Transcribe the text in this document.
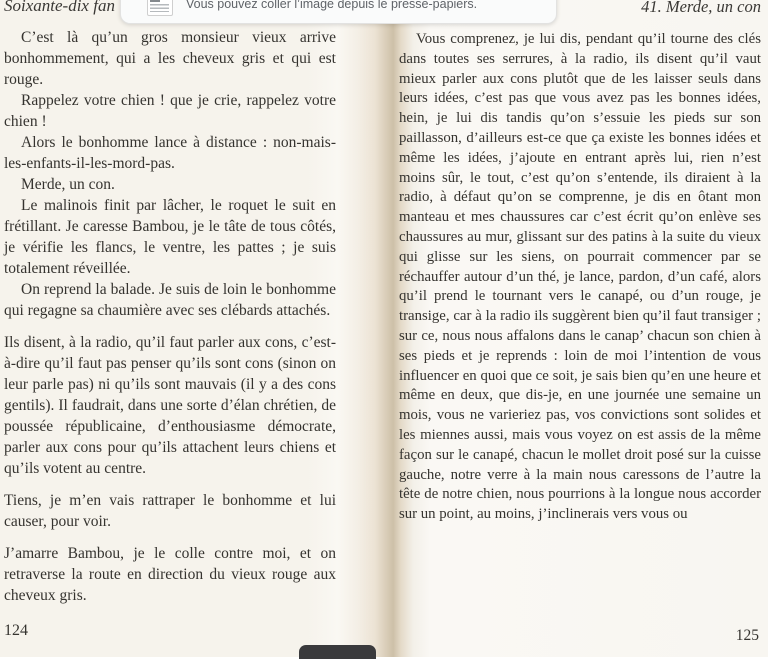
Soixante-dix fan

C’est là qu’un gros monsieur vieux arrive bonhommement, qui a les cheveux gris et qui est rouge.

Rappelez votre chien ! que je crie, rappelez votre chien !

Alors le bonhomme lance à distance : non-mais-les-enfants-il-les-mord-pas.

Merde, un con.

Le malinois finit par lâcher, le roquet le suit en frétillant. Je caresse Bambou, je le tâte de tous côtés, je vérifie les flancs, le ventre, les pattes ; je suis totalement réveillée.

On reprend la balade. Je suis de loin le bonhomme qui regagne sa chaumière avec ses clébards attachés.

Ils disent, à la radio, qu’il faut parler aux cons, c’est-à-dire qu’il faut pas penser qu’ils sont cons (sinon on leur parle pas) ni qu’ils sont mauvais (il y a des cons gentils). Il faudrait, dans une sorte d’élan chrétien, de poussée républicaine, d’enthousiasme démocrate, parler aux cons pour qu’ils attachent leurs chiens et qu’ils votent au centre.

Tiens, je m’en vais rattraper le bonhomme et lui causer, pour voir.

J’amarre Bambou, je le colle contre moi, et on retraverse la route en direction du vieux rouge aux cheveux gris.

124
41. Merde, un con

Vous comprenez, je lui dis, pendant qu’il tourne des clés dans toutes ses serrures, à la radio, ils disent qu’il vaut mieux parler aux cons plutôt que de les laisser seuls dans leurs idées, c’est pas que vous avez pas les bonnes idées, hein, je lui dis tandis qu’on s’essuie les pieds sur son paillasson, d’ailleurs est-ce que ça existe les bonnes idées et même les idées, j’ajoute en entrant après lui, rien n’est moins sûr, le tout, c’est qu’on s’entende, ils diraient à la radio, à défaut qu’on se comprenne, je dis en ôtant mon manteau et mes chaussures car c’est écrit qu’on enlève ses chaussures au mur, glissant sur des patins à la suite du vieux qui glisse sur les siens, on pourrait commencer par se réchauffer autour d’un thé, je lance, pardon, d’un café, alors qu’il prend le tournant vers le canapé, ou d’un rouge, je transige, car à la radio ils suggèrent bien qu’il faut transiger ; sur ce, nous nous affalons dans le canap’ chacun son chien à ses pieds et je reprends : loin de moi l’intention de vous influencer en quoi que ce soit, je sais bien qu’en une heure et même en deux, que dis-je, en une journée une semaine un mois, vous ne varieriez pas, vos convictions sont solides et les miennes aussi, mais vous voyez on est assis de la même façon sur le canapé, chacun le mollet droit posé sur la cuisse gauche, notre verre à la main nous caressons de l’autre la tête de notre chien, nous pourrions à la longue nous accorder sur un point, au moins, j’inclinerais vers vous ou

125
Vous pouvez coller l’image depuis le presse-papiers.
